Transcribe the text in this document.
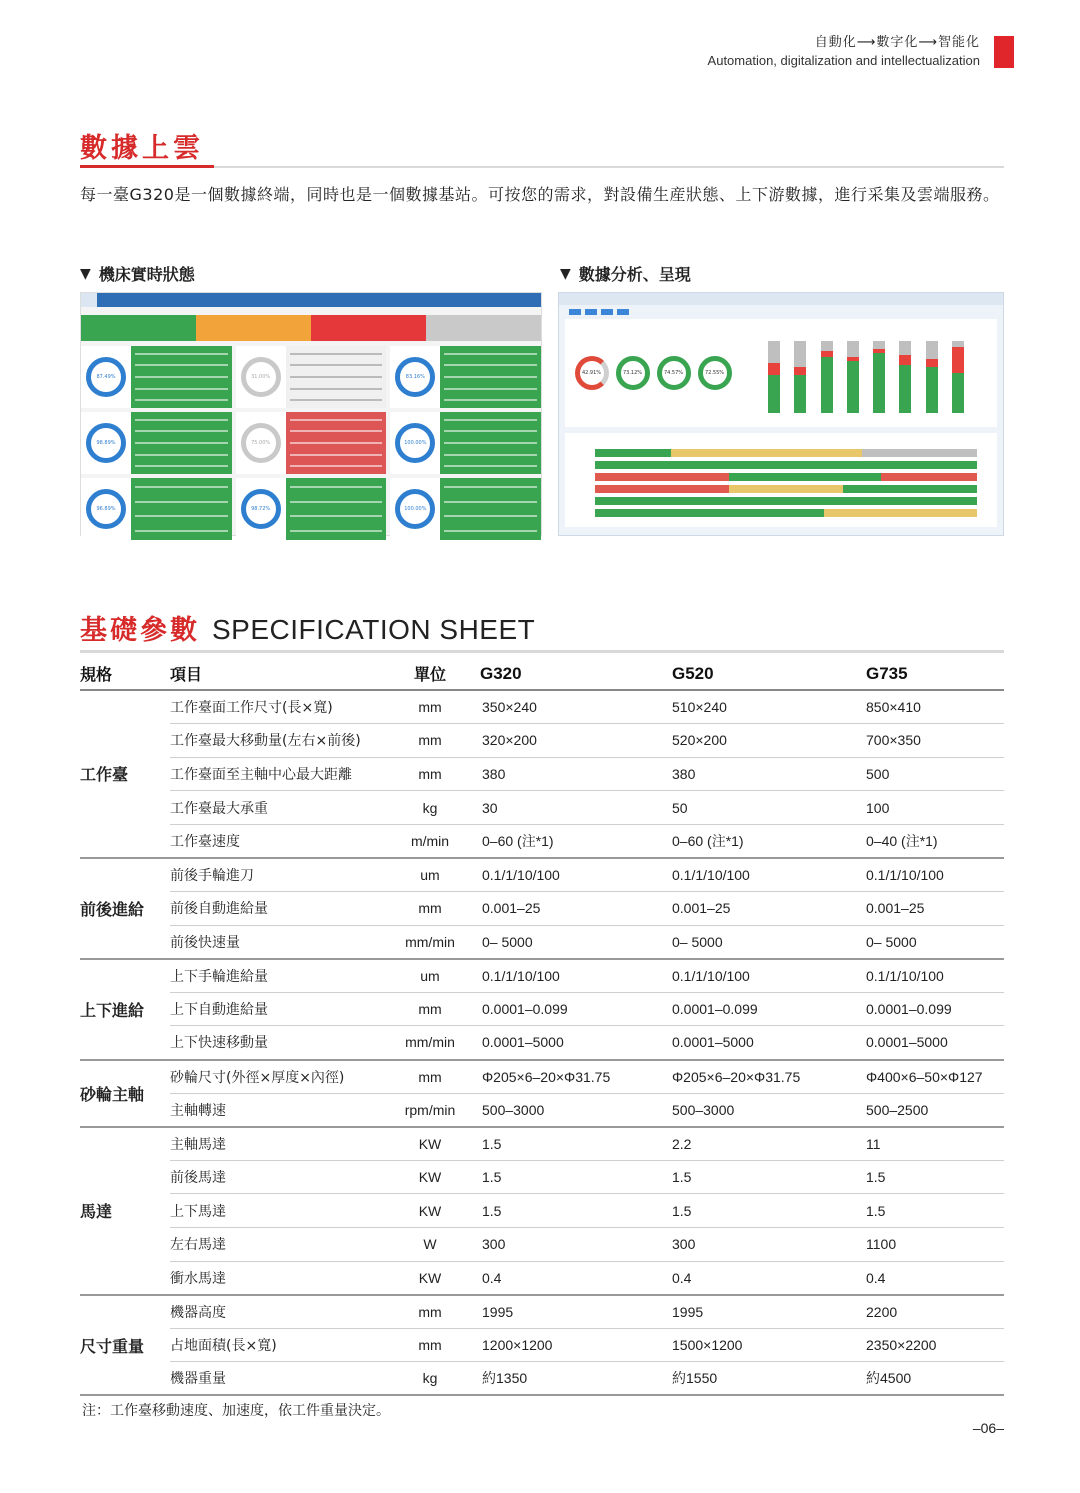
自動化⟶數字化⟶智能化
Automation, digitalization and intellectualization
數據上雲
每一臺G320是一個數據終端，同時也是一個數據基站。可按您的需求，對設備生産狀態、上下游數據，進行采集及雲端服務。
▼ 機床實時狀態	▼ 數據分析、呈現
87.49%	31.00%	83.16%
98.89%	75.00%	100.00%
96.89%	98.72%	100.00%
42.91%	73.12%	74.57%	72.55%
基礎參數 SPECIFICATION SHEET
規格	項目	單位	G320	G520	G735
工作臺	工作臺面工作尺寸(長×寬)	mm	350×240	510×240	850×410
	工作臺最大移動量(左右×前後)	mm	320×200	520×200	700×350
	工作臺面至主軸中心最大距離	mm	380	380	500
	工作臺最大承重	kg	30	50	100
	工作臺速度	m/min	0–60 (注*1)	0–60 (注*1)	0–40 (注*1)
前後進給	前後手輪進刀	um	0.1/1/10/100	0.1/1/10/100	0.1/1/10/100
	前後自動進給量	mm	0.001–25	0.001–25	0.001–25
	前後快速量	mm/min	0– 5000	0– 5000	0– 5000
上下進給	上下手輪進給量	um	0.1/1/10/100	0.1/1/10/100	0.1/1/10/100
	上下自動進給量	mm	0.0001–0.099	0.0001–0.099	0.0001–0.099
	上下快速移動量	mm/min	0.0001–5000	0.0001–5000	0.0001–5000
砂輪主軸	砂輪尺寸(外徑×厚度×內徑)	mm	Φ205×6–20×Φ31.75	Φ205×6–20×Φ31.75	Φ400×6–50×Φ127
	主軸轉速	rpm/min	500–3000	500–3000	500–2500
馬達	主軸馬達	KW	1.5	2.2	11
	前後馬達	KW	1.5	1.5	1.5
	上下馬達	KW	1.5	1.5	1.5
	左右馬達	W	300	300	1100
	衝水馬達	KW	0.4	0.4	0.4
尺寸重量	機器高度	mm	1995	1995	2200
	占地面積(長×寬)	mm	1200×1200	1500×1200	2350×2200
	機器重量	kg	約1350	約1550	約4500
注：工作臺移動速度、加速度，依工件重量決定。
–06–
